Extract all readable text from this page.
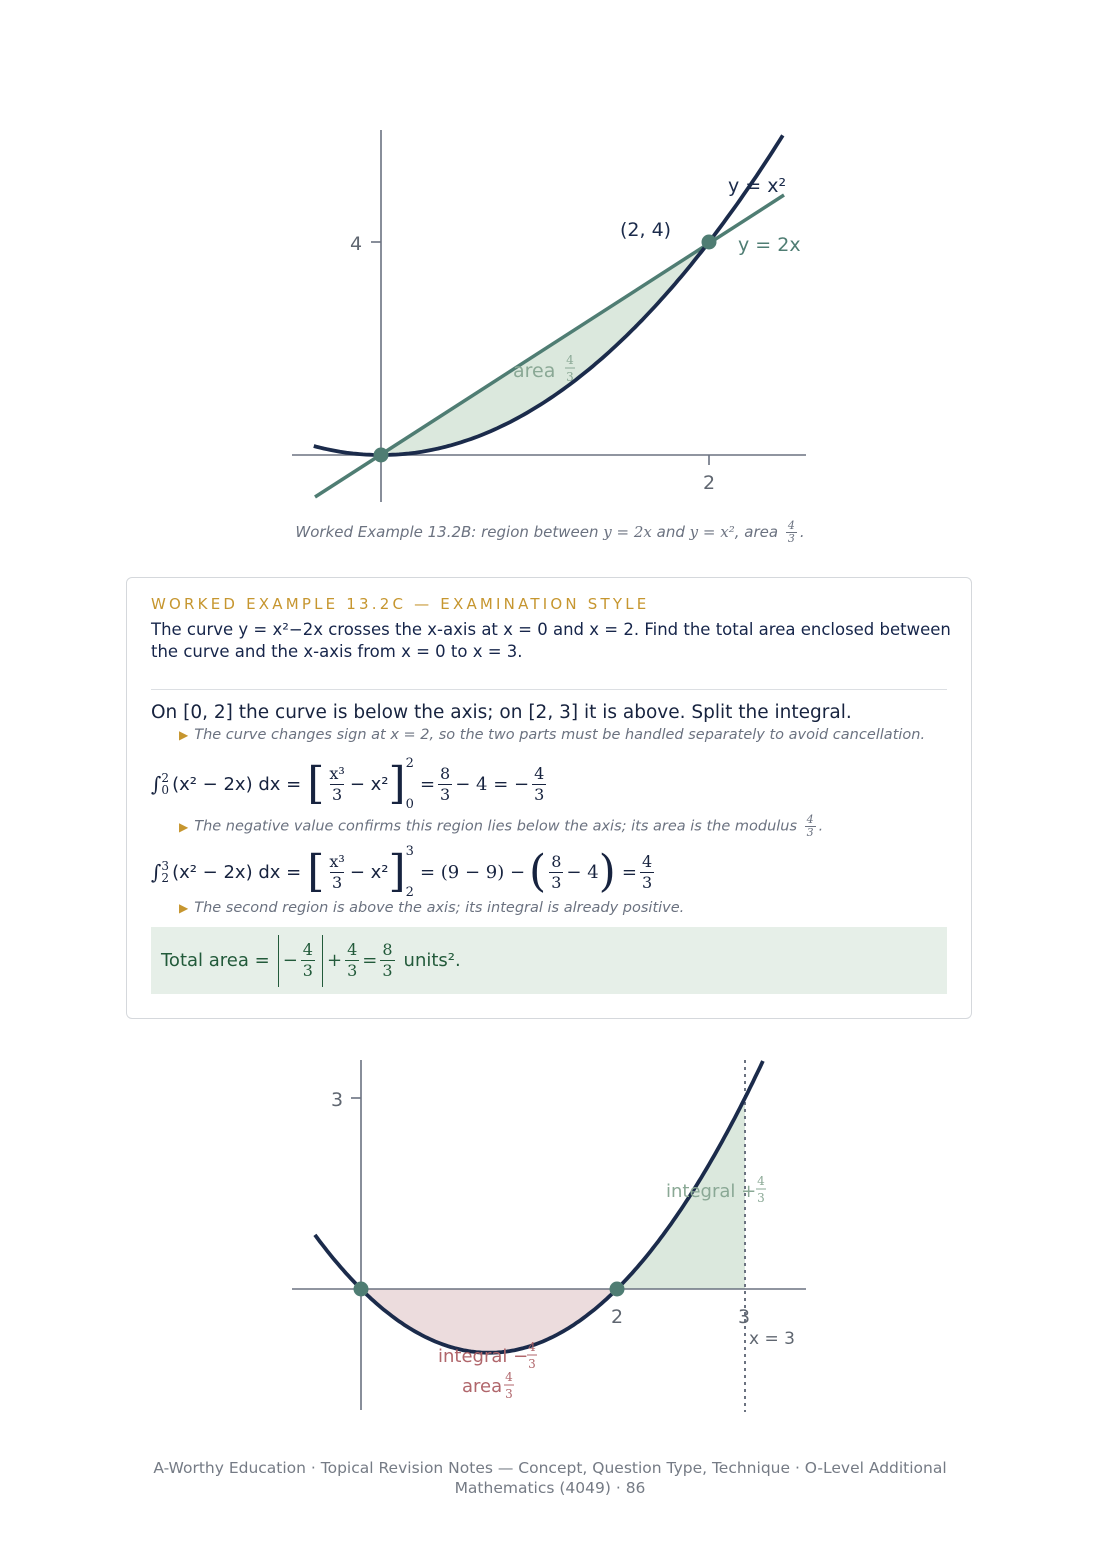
4
2
(2, 4)
y = x²
y = 2x
area 4
3
Worked Example 13.2B: region between y = 2x and y = x², area $\frac{4}{3}$ .
WORKED EXAMPLE 13.2C — EXAMINATION STYLE
The curve y = x²−2x crosses the x-axis at x = 0 and x = 2. Find the total area enclosed between the curve and the x-axis from x = 0 to x = 3.
On [0, 2] the curve is below the axis; on [2, 3] it is above. Split the integral.
▶ The curve changes sign at x = 2, so the two parts must be handled separately to avoid cancellation.
∫ 2
0 (x² − 2x) dx = [ $\frac{\text{x³}}{3} - x^2$ ] 2
0
= $\frac{8}{3} - 4$ = − $\frac{4}{3}$
▶ The negative value confirms this region lies below the axis; its area is the modulus $\frac{4}{3}$ .
∫ 3
2 (x² − 2x) dx = [ $\frac{\text{x³}}{3} - x^2$ ] 3
2
= (9 − 9) − ( $\frac{8}{3} - 4$ ) = $\frac{4}{3}$
▶ The second region is above the axis; its integral is already positive.
Total area = − $\frac{4}{3} + \frac{4}{3} = \frac{8}{3}$ units².
3
2	3
x = 3
integral + 4
3
integral − 4
3
area 4
3
A-Worthy Education · Topical Revision Notes — Concept, Question Type, Technique · O-Level Additional Mathematics (4049) · 86
